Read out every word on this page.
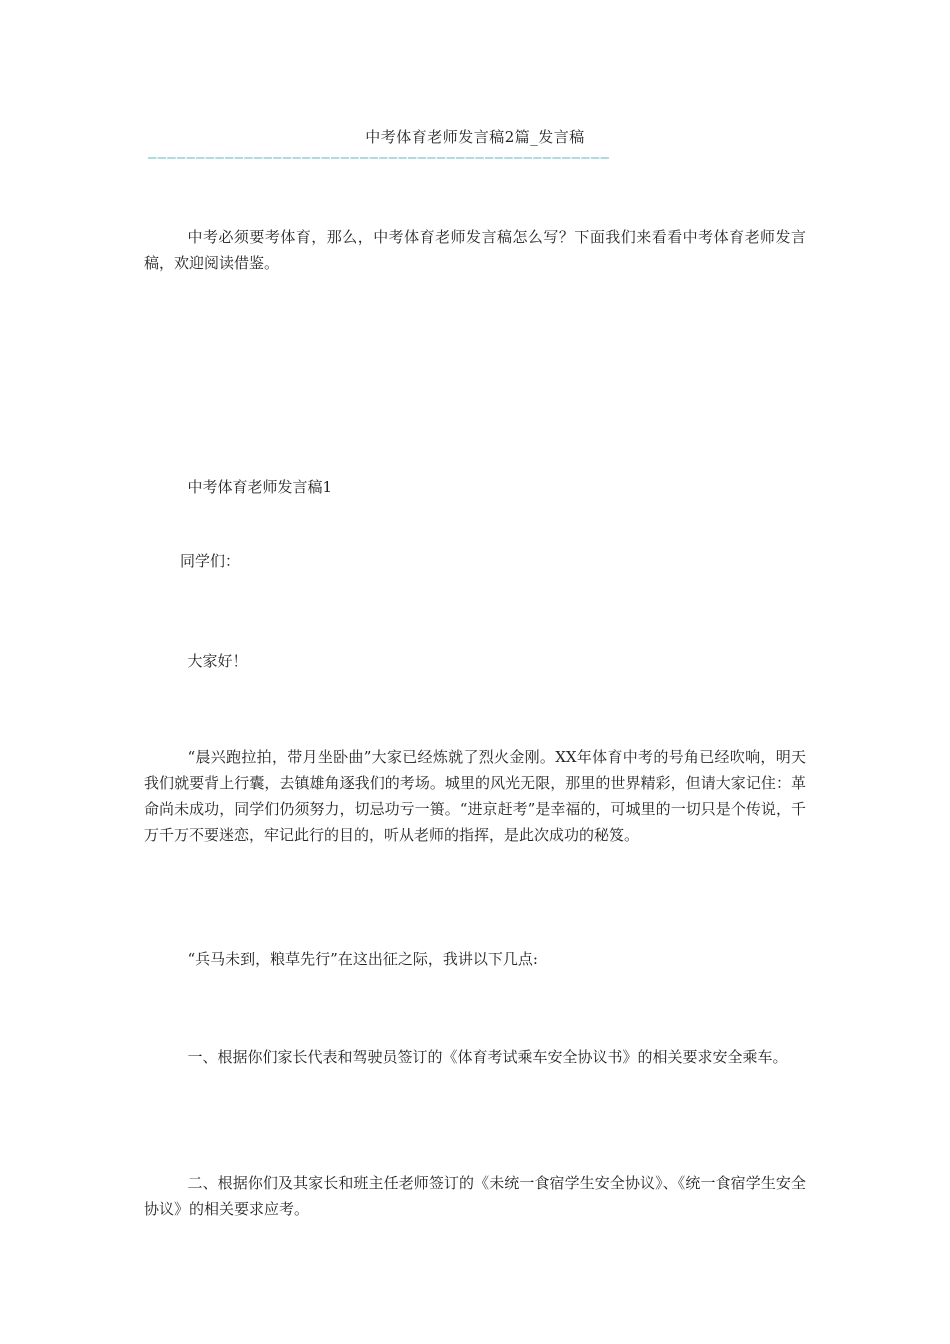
中考体育老师发言稿2篇_发言稿
————————————————————————————————————————————————
中考必须要考体育，那么，中考体育老师发言稿怎么写？下面我们来看看中考体育老师发言稿，欢迎阅读借鉴。
中考体育老师发言稿1
同学们：
大家好！
“晨兴跑拉拍，带月坐卧曲”大家已经炼就了烈火金刚。XX年体育中考的号角已经吹响，明天我们就要背上行囊，去镇雄角逐我们的考场。城里的风光无限，那里的世界精彩，但请大家记住：革命尚未成功，同学们仍须努力，切忌功亏一篑。“进京赶考”是幸福的，可城里的一切只是个传说，千万千万不要迷恋，牢记此行的目的，听从老师的指挥，是此次成功的秘笈。
“兵马未到，粮草先行”在这出征之际，我讲以下几点:
一、根据你们家长代表和驾驶员签订的《体育考试乘车安全协议书》的相关要求安全乘车。
二、根据你们及其家长和班主任老师签订的《未统一食宿学生安全协议》、《统一食宿学生安全协议》的相关要求应考。
